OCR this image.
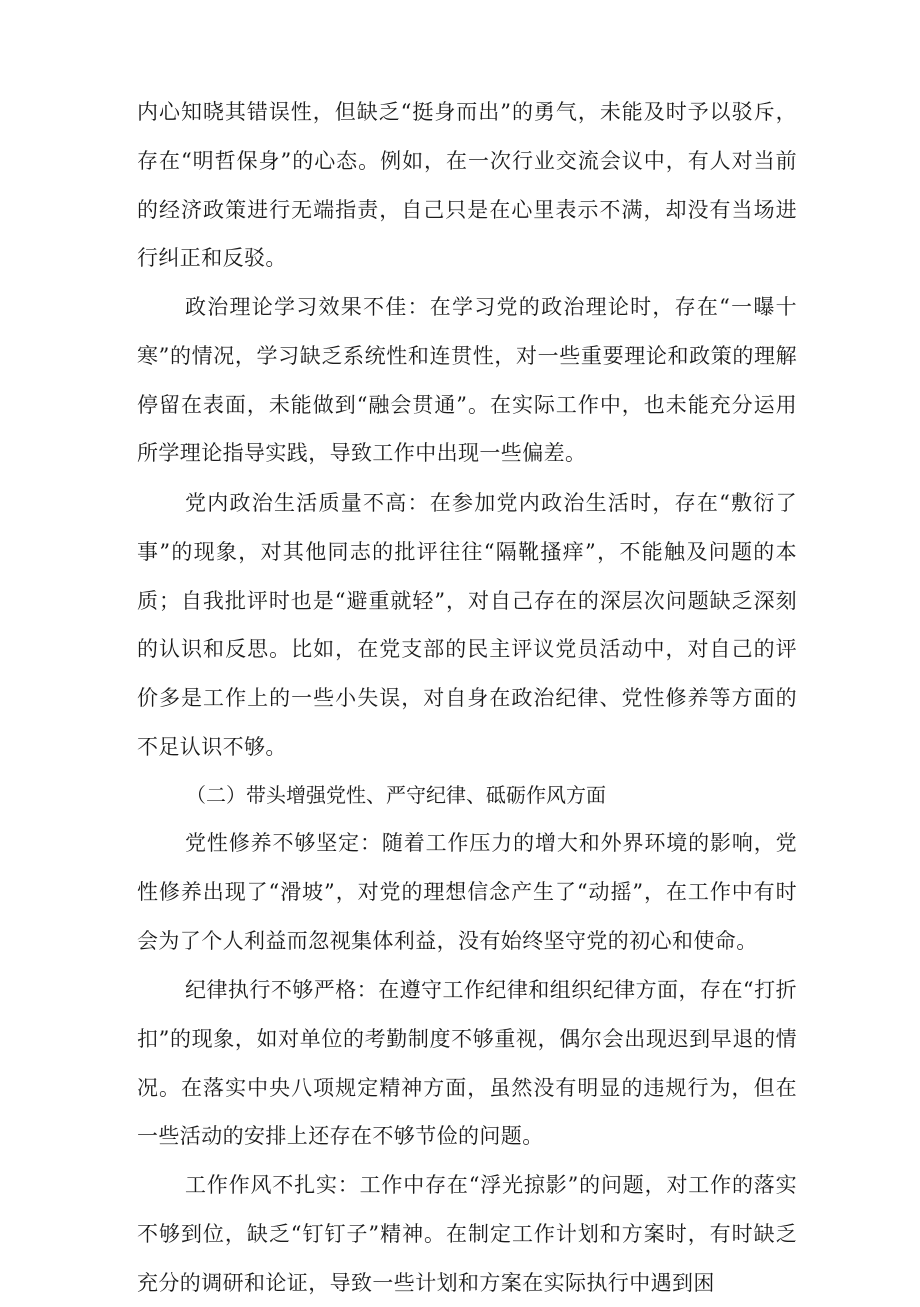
内心知晓其错误性，但缺乏“挺身而出”的勇气，未能及时予以驳斥，存在“明哲保身”的心态。例如，在一次行业交流会议中，有人对当前的经济政策进行无端指责，自己只是在心里表示不满，却没有当场进行纠正和反驳。

政治理论学习效果不佳：在学习党的政治理论时，存在“一曝十寒”的情况，学习缺乏系统性和连贯性，对一些重要理论和政策的理解停留在表面，未能做到“融会贯通”。在实际工作中，也未能充分运用所学理论指导实践，导致工作中出现一些偏差。

党内政治生活质量不高：在参加党内政治生活时，存在“敷衍了事”的现象，对其他同志的批评往往“隔靴搔痒”，不能触及问题的本质；自我批评时也是“避重就轻”，对自己存在的深层次问题缺乏深刻的认识和反思。比如，在党支部的民主评议党员活动中，对自己的评价多是工作上的一些小失误，对自身在政治纪律、党性修养等方面的不足认识不够。

（二）带头增强党性、严守纪律、砥砺作风方面

党性修养不够坚定：随着工作压力的增大和外界环境的影响，党性修养出现了“滑坡”，对党的理想信念产生了“动摇”，在工作中有时会为了个人利益而忽视集体利益，没有始终坚守党的初心和使命。

纪律执行不够严格：在遵守工作纪律和组织纪律方面，存在“打折扣”的现象，如对单位的考勤制度不够重视，偶尔会出现迟到早退的情况。在落实中央八项规定精神方面，虽然没有明显的违规行为，但在一些活动的安排上还存在不够节俭的问题。

工作作风不扎实：工作中存在“浮光掠影”的问题，对工作的落实不够到位，缺乏“钉钉子”精神。在制定工作计划和方案时，有时缺乏充分的调研和论证，导致一些计划和方案在实际执行中遇到困
